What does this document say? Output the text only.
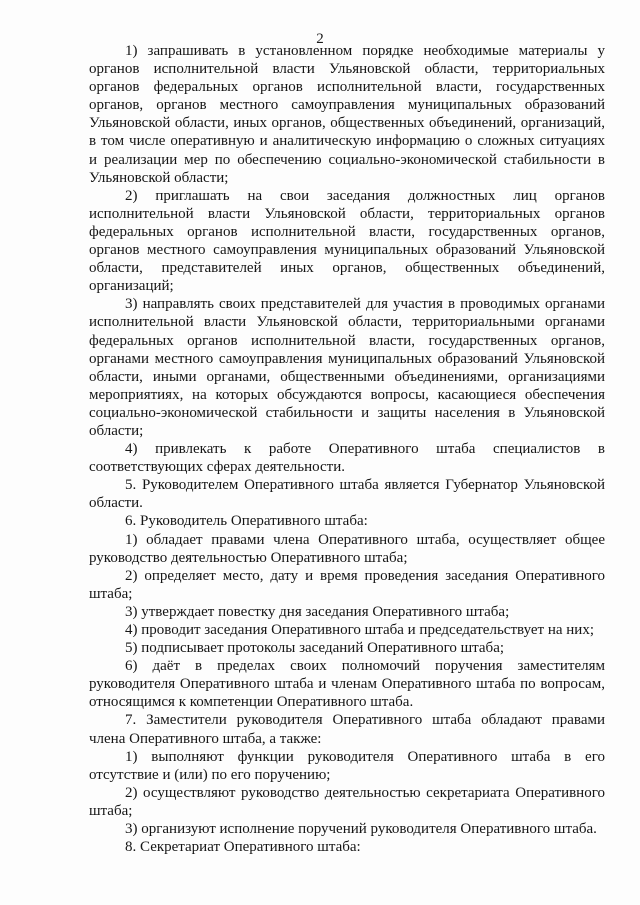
2

1) запрашивать в установленном порядке необходимые материалы у органов исполнительной власти Ульяновской области, территориальных органов федеральных органов исполнительной власти, государственных органов, органов местного самоуправления муниципальных образований Ульяновской области, иных органов, общественных объединений, организаций, в том числе оперативную и аналитическую информацию о сложных ситуациях и реализации мер по обеспечению социально-экономической стабильности в Ульяновской области;

2) приглашать на свои заседания должностных лиц органов исполнительной власти Ульяновской области, территориальных органов федеральных органов исполнительной власти, государственных органов, органов местного самоуправления муниципальных образований Ульяновской области, представителей иных органов, общественных объединений, организаций;

3) направлять своих представителей для участия в проводимых органами исполнительной власти Ульяновской области, территориальными органами федеральных органов исполнительной власти, государственных органов, органами местного самоуправления муниципальных образований Ульяновской области, иными органами, общественными объединениями, организациями мероприятиях, на которых обсуждаются вопросы, касающиеся обеспечения социально-экономической стабильности и защиты населения в Ульяновской области;

4) привлекать к работе Оперативного штаба специалистов в соответствующих сферах деятельности.

5. Руководителем Оперативного штаба является Губернатор Ульяновской области.

6. Руководитель Оперативного штаба:

1) обладает правами члена Оперативного штаба, осуществляет общее руководство деятельностью Оперативного штаба;

2) определяет место, дату и время проведения заседания Оперативного штаба;

3) утверждает повестку дня заседания Оперативного штаба;

4) проводит заседания Оперативного штаба и председательствует на них;

5) подписывает протоколы заседаний Оперативного штаба;

6) даёт в пределах своих полномочий поручения заместителям руководителя Оперативного штаба и членам Оперативного штаба по вопросам, относящимся к компетенции Оперативного штаба.

7. Заместители руководителя Оперативного штаба обладают правами члена Оперативного штаба, а также:

1) выполняют функции руководителя Оперативного штаба в его отсутствие и (или) по его поручению;

2) осуществляют руководство деятельностью секретариата Оперативного штаба;

3) организуют исполнение поручений руководителя Оперативного штаба.

8. Секретариат Оперативного штаба:
